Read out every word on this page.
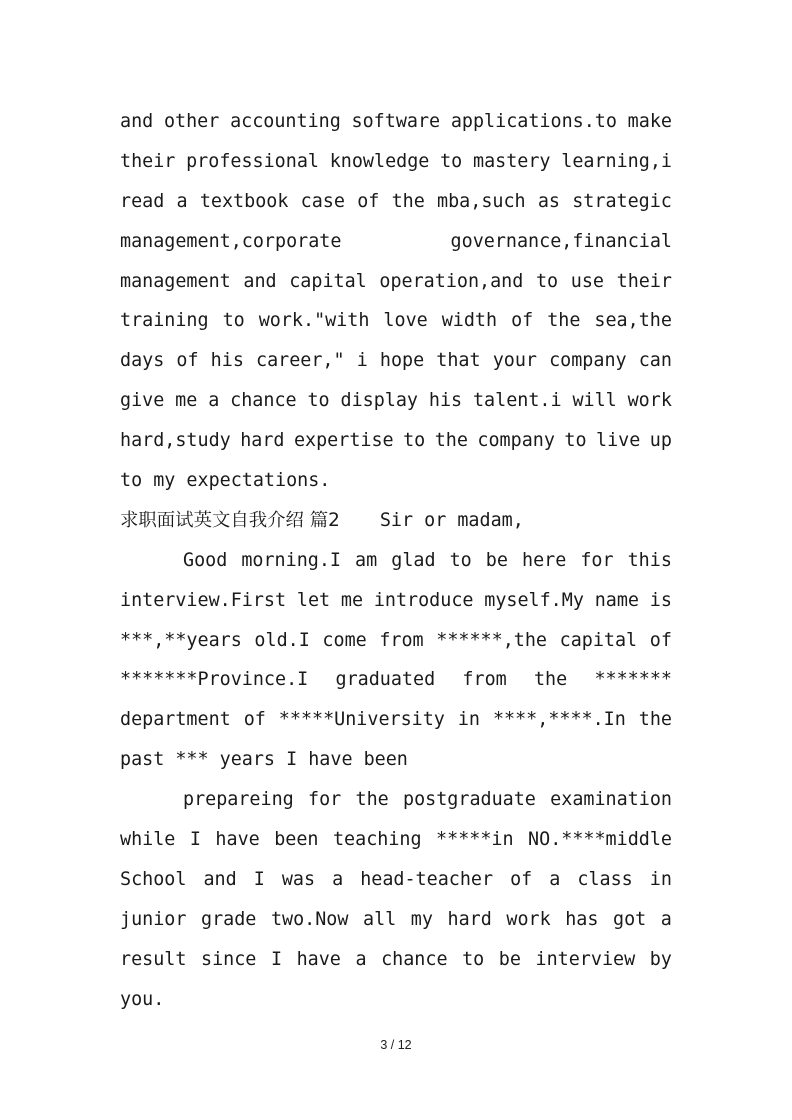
and other accounting software applications.to make
their professional knowledge to mastery learning,i
read a textbook case of the mba,such as strategic
management,corporate	governance,financial
management and capital operation,and to use their
training to work."with love width of the sea,the
days of his career," i hope that your company can
give me a chance to display his talent.i will work
hard,study hard expertise to the company to live up
to my expectations.
求职面试英文自我介绍 篇2 Sir or madam,
Good morning.I am glad to be here for this
interview.First let me introduce myself.My name is
***,**years old.I come from ******,the capital of
*******Province.I graduated from the *******
department of *****University in ****,****.In the
past *** years I have been
prepareing for the postgraduate examination
while I have been teaching *****in NO.****middle
School and I was a head-teacher of a class in
junior grade two.Now all my hard work has got a
result since I have a chance to be interview by
you.
3 / 12
